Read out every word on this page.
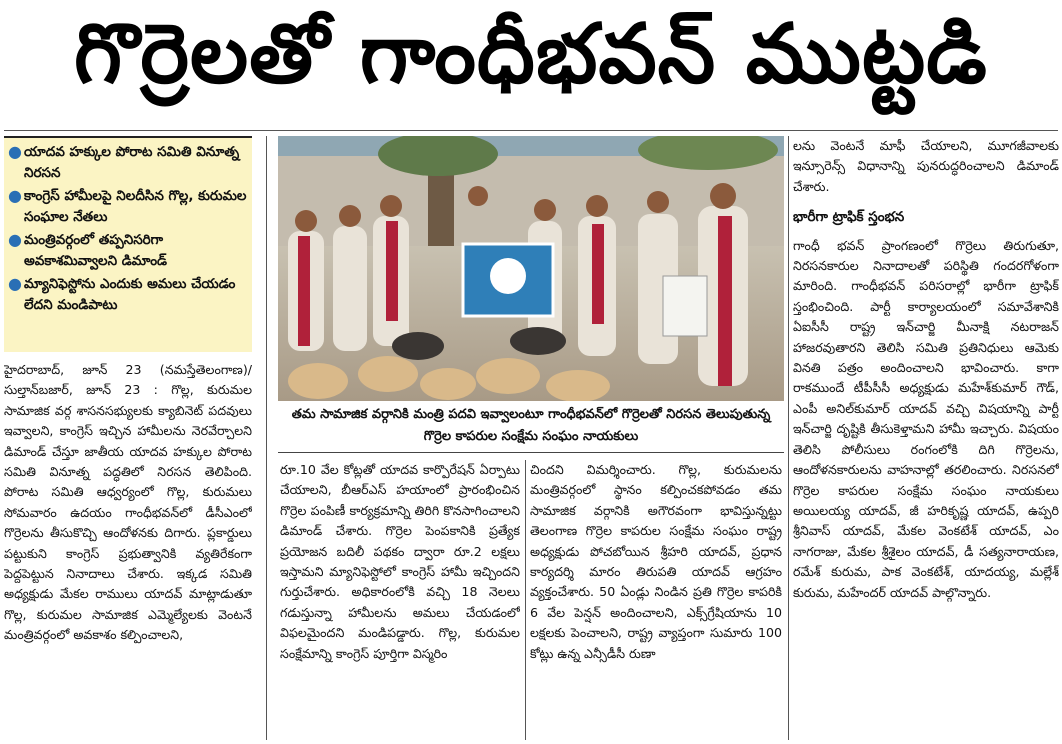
గొర్రెలతో గాంధీభవన్ ముట్టడి
● యాదవ హక్కుల పోరాట సమితి వినూత్న నిరసన
● కాంగ్రెస్ హామీలపై నిలదీసిన గొల్ల, కురుమల సంఘాల నేతలు
● మంత్రివర్గంలో తప్పనిసరిగా అవకాశమివ్వాలని డిమాండ్
● మ్యానిఫెస్టోను ఎందుకు అమలు చేయడం లేదని మండిపాటు
తమ సామాజిక వర్గానికి మంత్రి పదవి ఇవ్వాలంటూ గాంధీభవన్‌లో గొర్రెలతో నిరసన తెలుపుతున్న గొర్రెల కాపరుల సంక్షేమ సంఘం నాయకులు

హైదరాబాద్, జూన్ 23 (నమస్తేతెలంగాణ)/ సుల్తాన్‌బజార్, జూన్ 23 : గొల్ల, కురుమల సామాజిక వర్గ శాసనసభ్యులకు క్యాబినెట్ పదవులు ఇవ్వాలని, కాంగ్రెస్ ఇచ్చిన హామీలను నెరవేర్చాలని డిమాండ్ చేస్తూ జాతీయ యాదవ హక్కుల పోరాట సమితి వినూత్న పద్ధతిలో నిరసన తెలిపింది. పోరాట సమితి ఆధ్వర్యంలో గొల్ల, కురుమలు సోమవారం ఉదయం గాంధీభవన్‌లో డీసీఎంలో గొర్రెలను తీసుకొచ్చి ఆందోళనకు దిగారు. ప్లకార్డులు పట్టుకుని కాంగ్రెస్ ప్రభుత్వానికి వ్యతిరేకంగా పెద్దపెట్టున నినాదాలు చేశారు. ఇక్కడ సమితి అధ్యక్షుడు మేకల రాములు యాదవ్ మాట్లాడుతూ గొల్ల, కురుమల సామాజిక ఎమ్మెల్యేలకు వెంటనే మంత్రివర్గంలో అవకాశం కల్పించాలని,

రూ.10 వేల కోట్లతో యాదవ కార్పొరేషన్ ఏర్పాటు చేయాలని, బీఆర్‌ఎస్ హయాంలో ప్రారంభించిన గొర్రెల పంపిణీ కార్యక్రమాన్ని తిరిగి కొనసాగించాలని డిమాండ్ చేశారు. గొర్రెల పెంపకానికి ప్రత్యేక ప్రయోజన బదిలీ పథకం ద్వారా రూ.2 లక్షలు ఇస్తామని మ్యానిఫెస్టోలో కాంగ్రెస్ హామీ ఇచ్చిందని గుర్తుచేశారు. అధికారంలోకి వచ్చి 18 నెలలు గడుస్తున్నా హామీలను అమలు చేయడంలో విఫలమైందని మండిపడ్డారు. గొల్ల, కురుమల సంక్షేమాన్ని కాంగ్రెస్ పూర్తిగా విస్మరిం

చిందని విమర్శించారు. గొల్ల, కురుమలను మంత్రివర్గంలో స్థానం కల్పించకపోవడం తమ సామాజిక వర్గానికి అగౌరవంగా భావిస్తున్నట్టు తెలంగాణ గొర్రెల కాపరుల సంక్షేమ సంఘం రాష్ట్ర అధ్యక్షుడు పోచబోయిన శ్రీహరి యాదవ్, ప్రధాన కార్యదర్శి మారం తిరుపతి యాదవ్ ఆగ్రహం వ్యక్తంచేశారు. 50 ఏండ్లు నిండిన ప్రతి గొర్రెల కాపరికి 6 వేల పెన్షన్ అందించాలని, ఎక్స్‌గ్రేషియాను 10 లక్షలకు పెంచాలని, రాష్ట్ర వ్యాప్తంగా సుమారు 100 కోట్లు ఉన్న ఎన్సీడీసీ రుణా

లను వెంటనే మాఫీ చేయాలని, మూగజీవాలకు ఇన్సూరెన్స్ విధానాన్ని పునరుద్ధరించాలని డిమాండ్ చేశారు.

భారీగా ట్రాఫిక్ స్తంభన

గాంధీ భవన్ ప్రాంగణంలో గొర్రెలు తిరుగుతూ, నిరసనకారుల నినాదాలతో పరిస్థితి గందరగోళంగా మారింది. గాంధీభవన్ పరిసరాల్లో భారీగా ట్రాఫిక్ స్తంభించింది. పార్టీ కార్యాలయంలో సమావేశానికి ఏఐసీసీ రాష్ట్ర ఇన్‌చార్జి మీనాక్షి నటరాజన్ హాజరవుతారని తెలిసి సమితి ప్రతినిధులు ఆమెకు వినతి పత్రం అందించాలని భావించారు. కాగా రాకముందే టీపీసీసీ అధ్యక్షుడు మహేశ్‌కుమార్ గౌడ్, ఎంపీ అనిల్‌కుమార్ యాదవ్ వచ్చి విషయాన్ని పార్టీ ఇన్‌చార్జి దృష్టికి తీసుకెళ్తామని హామీ ఇచ్చారు. విషయం తెలిసి పోలీసులు రంగంలోకి దిగి గొర్రెలను, ఆందోళనకారులను వాహనాల్లో తరలించారు. నిరసనలో గొర్రెల కాపరుల సంక్షేమ సంఘం నాయకులు అయిలయ్య యాదవ్, జీ హరికృష్ణ యాదవ్, ఉప్పరి శ్రీనివాస్ యాదవ్, మేకల వెంకటేశ్ యాదవ్, ఎం నాగరాజు, మేకల శ్రీశైలం యాదవ్, డీ సత్యనారాయణ, రమేశ్ కురుమ, పాక వెంకటేశ్, యాదయ్య, మల్లేశ్ కురుమ, మహేందర్ యాదవ్ పాల్గొన్నారు.
